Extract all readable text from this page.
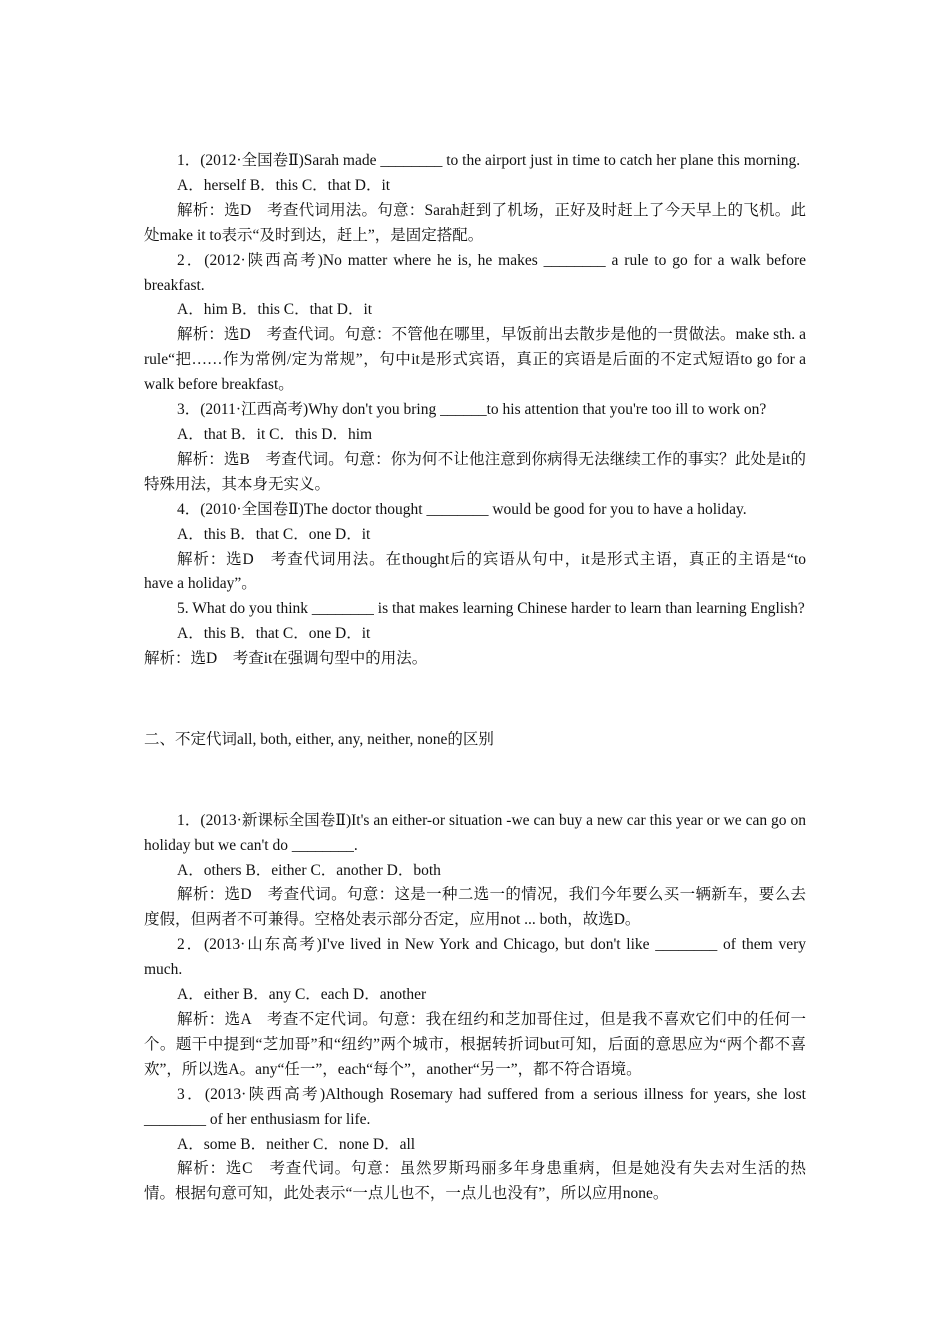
1．(2012·全国卷Ⅱ)Sarah made ________ to the airport just in time to catch her plane this morning.

A．herself B．this C．that D．it

解析：选D　考查代词用法。句意：Sarah赶到了机场，正好及时赶上了今天早上的飞机。此处make it to表示“及时到达，赶上”，是固定搭配。

2．(2012·陕西高考)No matter where he is, he makes ________ a rule to go for a walk before breakfast.

A．him B．this C．that D．it

解析：选D　考查代词。句意：不管他在哪里，早饭前出去散步是他的一贯做法。make sth. a rule“把……作为常例/定为常规”，句中it是形式宾语，真正的宾语是后面的不定式短语to go for a walk before breakfast。

3．(2011·江西高考)Why don't you bring ______to his attention that you're too ill to work on?

A．that B．it C．this D．him

解析：选B　考查代词。句意：你为何不让他注意到你病得无法继续工作的事实？此处是it的特殊用法，其本身无实义。

4．(2010·全国卷Ⅱ)The doctor thought ________ would be good for you to have a holiday.

A．this B．that C．one D．it

解析：选D　考查代词用法。在thought后的宾语从句中，it是形式主语，真正的主语是“to have a holiday”。

5. What do you think ________ is that makes learning Chinese harder to learn than learning English?

A．this B．that C．one D．it

解析：选D　考查it在强调句型中的用法。

二、不定代词all, both, either, any, neither, none的区别

1．(2013·新课标全国卷Ⅱ)It's an either-or situation -we can buy a new car this year or we can go on holiday but we can't do ________.

A．others B．either C．another D．both

解析：选D　考查代词。句意：这是一种二选一的情况，我们今年要么买一辆新车，要么去度假，但两者不可兼得。空格处表示部分否定，应用not ... both，故选D。

2．(2013·山东高考)I've lived in New York and Chicago, but don't like ________ of them very much.

A．either B．any C．each D．another

解析：选A　考查不定代词。句意：我在纽约和芝加哥住过，但是我不喜欢它们中的任何一个。题干中提到“芝加哥”和“纽约”两个城市，根据转折词but可知，后面的意思应为“两个都不喜欢”，所以选A。any“任一”，each“每个”，another“另一”，都不符合语境。

3．(2013·陕西高考)Although Rosemary had suffered from a serious illness for years, she lost ________ of her enthusiasm for life.

A．some B．neither C．none D．all

解析：选C　考查代词。句意：虽然罗斯玛丽多年身患重病，但是她没有失去对生活的热情。根据句意可知，此处表示“一点儿也不，一点儿也没有”，所以应用none。
